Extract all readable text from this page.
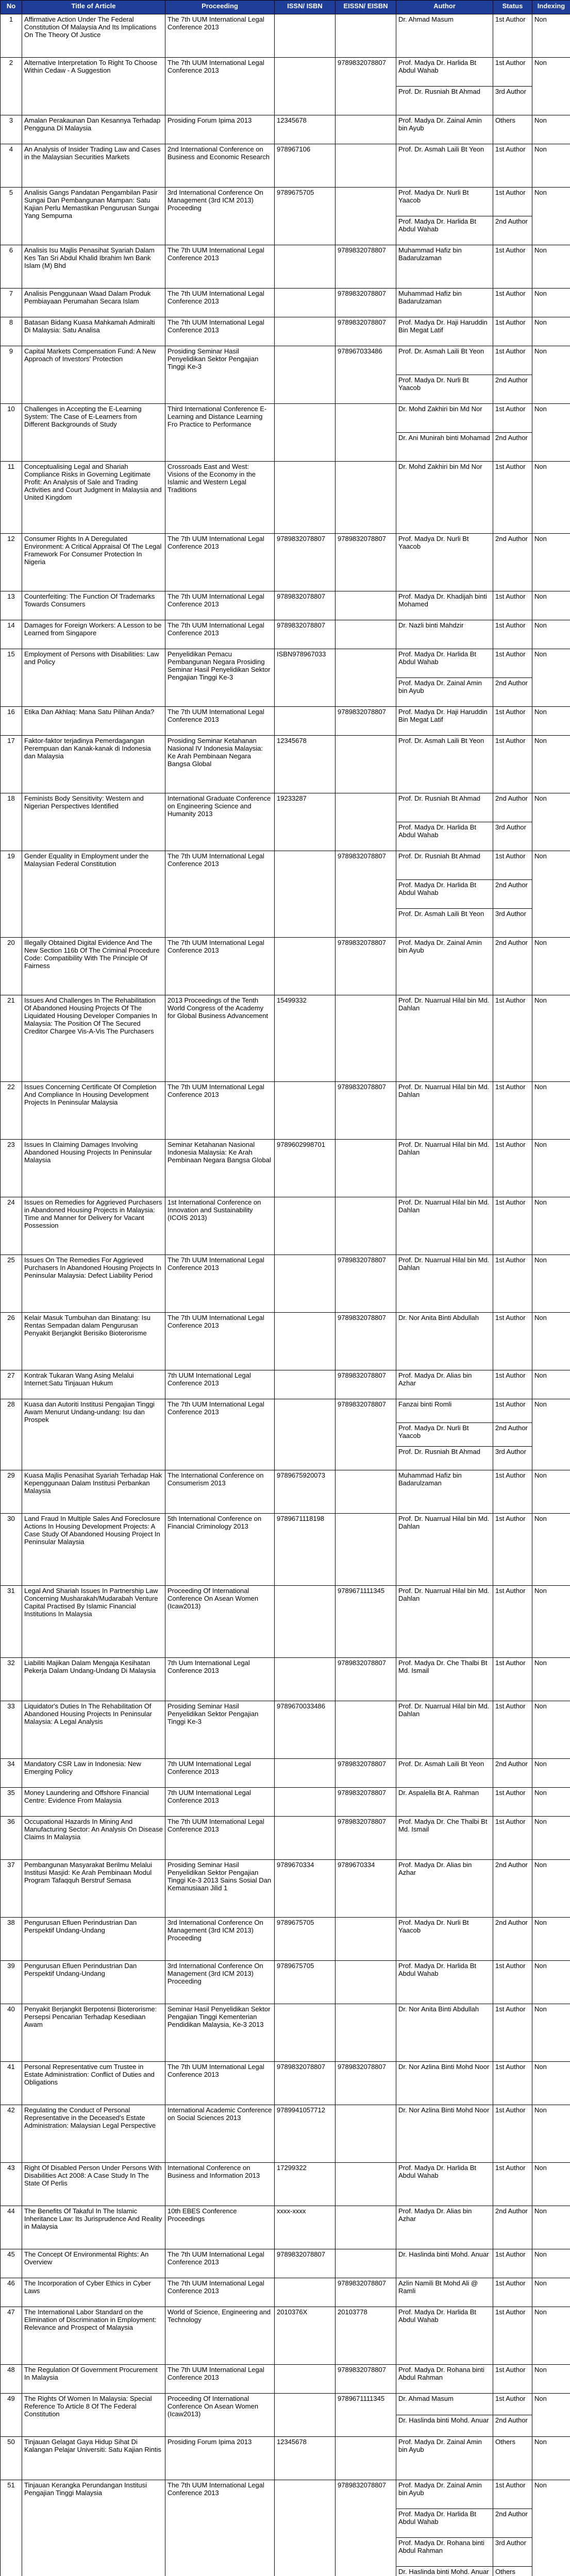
No	Title of Article	Proceeding	ISSN/ ISBN	EISSN/ EISBN	Author	Status	Indexing
1	Affirmative Action Under The Federal Constitution Of Malaysia And Its Implications On The Theory Of Justice	The 7th UUM International Legal Conference 2013			Dr. Ahmad Masum	1st Author	Non
2	Alternative Interpretation To Right To Choose Within Cedaw - A Suggestion	The 7th UUM International Legal Conference 2013		9789832078807	Prof. Madya Dr. Harlida Bt Abdul Wahab	1st Author	Non
					Prof. Dr. Rusniah Bt Ahmad	3rd Author	
3	Amalan Perakaunan Dan Kesannya Terhadap Pengguna Di Malaysia	Prosiding Forum Ipima 2013	12345678		Prof. Madya Dr. Zainal Amin bin Ayub	Others	Non
4	An Analysis of Insider Trading Law and Cases in the Malaysian Securities Markets	2nd International Conference on Business and Economic Research	978967106		Prof. Dr. Asmah Laili Bt Yeon	1st Author	Non
5	Analisis Gangs Pandatan Pengambilan Pasir Sungai Dan Pembangunan Mampan: Satu Kajian Perlu Memastikan Pengurusan Sungai Yang Sempurna	3rd International Conference On Management (3rd ICM 2013) Proceeding	9789675705		Prof. Madya Dr. Nurli Bt Yaacob	1st Author	Non
					Prof. Madya Dr. Harlida Bt Abdul Wahab	2nd Author	
6	Analisis Isu Majlis Penasihat Syariah Dalam Kes Tan Sri Abdul Khalid Ibrahim lwn Bank Islam (M) Bhd	The 7th UUM International Legal Conference 2013		9789832078807	Muhammad Hafiz bin Badarulzaman	1st Author	Non
7	Analisis Penggunaan Waad Dalam Produk Pembiayaan Perumahan Secara Islam	The 7th UUM International Legal Conference 2013		9789832078807	Muhammad Hafiz bin Badarulzaman	1st Author	Non
8	Batasan Bidang Kuasa Mahkamah Admiralti Di Malaysia: Satu Analisa	The 7th UUM International Legal Conference 2013		9789832078807	Prof. Madya Dr. Haji Haruddin Bin Megat Latif	1st Author	Non
9	Capital Markets Compensation Fund: A New Approach of Investors' Protection	Prosiding Seminar Hasil Penyelidikan Sektor Pengajian Tinggi Ke-3		978967033486	Prof. Dr. Asmah Laili Bt Yeon	1st Author	Non
					Prof. Madya Dr. Nurli Bt Yaacob	2nd Author	
10	Challenges in Accepting the E-Learning System: The Case of E-Learners from Different Backgrounds of Study	Third International Conference E-Learning and Distance Learning Fro Practice to Performance			Dr. Mohd Zakhiri bin Md Nor	1st Author	Non
					Dr. Ani Munirah binti Mohamad	2nd Author	
11	Conceptualising Legal and Shariah Compliance Risks in Governing Legitimate Profit: An Analysis of Sale and Trading Activities and Court Judgment in Malaysia and United Kingdom	Crossroads East and West: Visions of the Economy in the Islamic and Western Legal Traditions			Dr. Mohd Zakhiri bin Md Nor	1st Author	Non
12	Consumer Rights In A Deregulated Environment: A Critical Appraisal Of The Legal Framework For Consumer Protection In Nigeria	The 7th UUM International Legal Conference 2013	9789832078807	9789832078807	Prof. Madya Dr. Nurli Bt Yaacob	2nd Author	Non
13	Counterfeiting: The Function Of Trademarks Towards Consumers	The 7th UUM International Legal Conference 2013	9789832078807		Prof. Madya Dr. Khadijah binti Mohamed	1st Author	Non
14	Damages for Foreign Workers: A Lesson to be Learned from Singapore	The 7th UUM International Legal Conference 2013	9789832078807		Dr. Nazli binti Mahdzir	1st Author	Non
15	Employment of Persons with Disabilities: Law and Policy	Penyelidikan Pemacu Pembangunan Negara Prosiding Seminar Hasil Penyelidikan Sektor Pengajian Tinggi Ke-3	ISBN978967033		Prof. Madya Dr. Harlida Bt Abdul Wahab	1st Author	Non
					Prof. Madya Dr. Zainal Amin bin Ayub	2nd Author	
16	Etika Dan Akhlaq: Mana Satu Pilihan Anda?	The 7th UUM International Legal Conference 2013		9789832078807	Prof. Madya Dr. Haji Haruddin Bin Megat Latif	1st Author	Non
17	Faktor-faktor terjadinya Pemerdagangan Perempuan dan Kanak-kanak di Indonesia dan Malaysia	Prosiding Seminar Ketahanan Nasional IV Indonesia Malaysia: Ke Arah Pembinaan Negara Bangsa Global	12345678		Prof. Dr. Asmah Laili Bt Yeon	1st Author	Non
18	Feminists Body Sensitivity: Western and Nigerian Perspectives Identified	International Graduate Conference on Engineering Science and Humanity 2013	19233287		Prof. Dr. Rusniah Bt Ahmad	2nd Author	Non
					Prof. Madya Dr. Harlida Bt Abdul Wahab	3rd Author	
19	Gender Equality in Employment under the Malaysian Federal Constitution	The 7th UUM International Legal Conference 2013		9789832078807	Prof. Dr. Rusniah Bt Ahmad	1st Author	Non
					Prof. Madya Dr. Harlida Bt Abdul Wahab	2nd Author	
					Prof. Dr. Asmah Laili Bt Yeon	3rd Author	
20	Illegally Obtained Digital Evidence And The New Section 116b Of The Criminal Procedure Code: Compatibility With The Principle Of Fairness	The 7th UUM International Legal Conference 2013		9789832078807	Prof. Madya Dr. Zainal Amin bin Ayub	2nd Author	Non
21	Issues And Challenges In The Rehabilitation Of Abandoned Housing Projects Of The Liquidated Housing Developer Companies In Malaysia: The Position Of The Secured Creditor Chargee Vis-A-Vis The Purchasers	2013 Proceedings of the Tenth World Congress of the Academy for Global Business Advancement	15499332		Prof. Dr. Nuarrual Hilal bin Md. Dahlan	1st Author	Non
22	Issues Concerning Certificate Of Completion And Compliance In Housing Development Projects In Peninsular Malaysia	The 7th UUM International Legal Conference 2013		9789832078807	Prof. Dr. Nuarrual Hilal bin Md. Dahlan	1st Author	Non
23	Issues In Claiming Damages Involving Abandoned Housing Projects In Peninsular Malaysia	Seminar Ketahanan Nasional Indonesia Malaysia: Ke Arah Pembinaan Negara Bangsa Global	9789602998701		Prof. Dr. Nuarrual Hilal bin Md. Dahlan	1st Author	Non
24	Issues on Remedies for Aggrieved Purchasers in Abandoned Housing Projects in Malaysia: Time and Manner for Delivery for Vacant Possession	1st International Conference on Innovation and Sustainability (ICOIS 2013)			Prof. Dr. Nuarrual Hilal bin Md. Dahlan	1st Author	Non
25	Issues On The Remedies For Aggrieved Purchasers In Abandoned Housing Projects In Peninsular Malaysia: Defect Liability Period	The 7th UUM International Legal Conference 2013		9789832078807	Prof. Dr. Nuarrual Hilal bin Md. Dahlan	1st Author	Non
26	Kelair Masuk Tumbuhan dan Binatang: Isu Rentas Sempadan dalam Pengurusan Penyakit Berjangkit Berisiko Bioterorisme	The 7th UUM International Legal Conference 2013		9789832078807	Dr. Nor Anita Binti Abdullah	1st Author	Non
27	Kontrak Tukaran Wang Asing Melalui Internet:Satu Tinjauan Hukum	7th UUM International Legal Conference 2013		9789832078807	Prof. Madya Dr. Alias bin Azhar	1st Author	Non
28	Kuasa dan Autoriti Institusi Pengajian Tinggi Awam Menurut Undang-undang: Isu dan Prospek	The 7th UUM International Legal Conference 2013		9789832078807	Fanzai binti Romli	1st Author	Non
					Prof. Madya Dr. Nurli Bt Yaacob	2nd Author	
					Prof. Dr. Rusniah Bt Ahmad	3rd Author	
29	Kuasa Majlis Penasihat Syariah Terhadap Hak Kepenggunaan Dalam Institusi Perbankan Malaysia	The International Conference on Consumerism 2013	9789675920073		Muhammad Hafiz bin Badarulzaman	1st Author	Non
30	Land Fraud In Multiple Sales And Foreclosure Actions In Housing Development Projects: A Case Study Of Abandoned Housing Project In Peninsular Malaysia	5th International Conference on Financial Criminology 2013	9789671118198		Prof. Dr. Nuarrual Hilal bin Md. Dahlan	1st Author	Non
31	Legal And Shariah Issues In Partnership Law Concerning Musharakah/Mudarabah Venture Capital Practised By Islamic Financial Institutions In Malaysia	Proceeding Of International Conference On Asean Women (Icaw2013)		9789671111345	Prof. Dr. Nuarrual Hilal bin Md. Dahlan	1st Author	Non
32	Liabiliti Majikan Dalam Mengaja Kesihatan Pekerja Dalam Undang-Undang Di Malaysia	7th Uum International Legal Conference 2013		9789832078807	Prof. Madya Dr. Che Thalbi Bt Md. Ismail	1st Author	Non
33	Liquidator's Duties In The Rehabilitation Of Abandoned Housing Projects In Peninsular Malaysia: A Legal Analysis	Prosiding Seminar Hasil Penyelidikan Sektor Pengajian Tinggi Ke-3	9789670033486		Prof. Dr. Nuarrual Hilal bin Md. Dahlan	1st Author	Non
34	Mandatory CSR Law in Indonesia: New Emerging Policy	7th UUM International Legal Conference 2013		9789832078807	Prof. Dr. Asmah Laili Bt Yeon	2nd Author	Non
35	Money Laundering and Offshore Financial Centre: Evidence From Malaysia	7th UUM International Legal Conference 2013		9789832078807	Dr. Aspalella Bt A. Rahman	1st Author	Non
36	Occupational Hazards In Mining And Manufacturing Sector: An Analysis On Disease Claims In Malaysia	The 7th UUM International Legal Conference 2013		9789832078807	Prof. Madya Dr. Che Thalbi Bt Md. Ismail	1st Author	Non
37	Pembangunan Masyarakat Berilmu Melalui Institusi Masjid: Ke Arah Pembinaan Modul Program Tafaqquh Berstruf Semasa	Prosiding Seminar Hasil Penyelidikan Sektor Pengajian Tinggi Ke-3 2013 Sains Sosial Dan Kemanusiaan Jilid 1	9789670334	9789670334	Prof. Madya Dr. Alias bin Azhar	2nd Author	Non
38	Pengurusan Efluen Perindustrian Dan Perspektif Undang-Undang	3rd International Conference On Management (3rd ICM 2013) Proceeding	9789675705		Prof. Madya Dr. Nurli Bt Yaacob	2nd Author	Non
39	Pengurusan Efluen Perindustrian Dan Perspektif Undang-Undang	3rd International Conference On Management (3rd ICM 2013) Proceeding	9789675705		Prof. Madya Dr. Harlida Bt Abdul Wahab	1st Author	Non
40	Penyakit Berjangkit Berpotensi Bioterorisme: Persepsi Pencarian Terhadap Kesediaan Awam	Seminar Hasil Penyelidikan Sektor Pengajian Tinggi Kementerian Pendidikan Malaysia, Ke-3 2013			Dr. Nor Anita Binti Abdullah	1st Author	Non
41	Personal Representative cum Trustee in Estate Administration: Conflict of Duties and Obligations	The 7th UUM International Legal Conference 2013	9789832078807	9789832078807	Dr. Nor Azlina Binti Mohd Noor	1st Author	Non
42	Regulating the Conduct of Personal Representative in the Deceased's Estate Administration: Malaysian Legal Perspective	International Academic Conference on Social Sciences 2013	9789941057712		Dr. Nor Azlina Binti Mohd Noor	1st Author	Non
43	Right Of Disabled Person Under Persons With Disabilities Act 2008: A Case Study In The State Of Perlis	International Conference on Business and Information 2013	17299322		Prof. Madya Dr. Harlida Bt Abdul Wahab	1st Author	Non
44	The Benefits Of Takaful In The Islamic Inheritance Law: Its Jurisprudence And Reality in Malaysia	10th EBES Conference Proceedings	xxxx-xxxx		Prof. Madya Dr. Alias bin Azhar	2nd Author	Non
45	The Concept Of Environmental Rights: An Overview	The 7th UUM International Legal Conference 2013	9789832078807		Dr. Haslinda binti Mohd. Anuar	1st Author	Non
46	The Incorporation of Cyber Ethics in Cyber Laws	The 7th UUM International Legal Conference 2013		9789832078807	Azlin Namili Bt Mohd Ali @ Ramli	1st Author	Non
47	The International Labor Standard on the Elimination of Discrimination in Employment: Relevance and Prospect of Malaysia	World of Science, Engineering and Technology	2010376X	20103778	Prof. Madya Dr. Harlida Bt Abdul Wahab	1st Author	Non
48	The Regulation Of Government Procurement In Malaysia	The 7th UUM International Legal Conference 2013		9789832078807	Prof. Madya Dr. Rohana binti Abdul Rahman	1st Author	Non
49	The Rights Of Women In Malaysia: Special Reference To Article 8 Of The Federal Constitution	Proceeding Of International Conference On Asean Women (Icaw2013)		9789671111345	Dr. Ahmad Masum	1st Author	Non
					Dr. Haslinda binti Mohd. Anuar	2nd Author	
50	Tinjauan Gelagat Gaya Hidup Sihat Di Kalangan Pelajar Universiti: Satu Kajian Rintis	Prosiding Forum Ipima 2013	12345678		Prof. Madya Dr. Zainal Amin bin Ayub	Others	Non
51	Tinjauan Kerangka Perundangan Institusi Pengajian Tinggi Malaysia	The 7th UUM International Legal Conference 2013		9789832078807	Prof. Madya Dr. Zainal Amin bin Ayub	1st Author	Non
					Prof. Madya Dr. Harlida Bt Abdul Wahab	2nd Author	
					Prof. Madya Dr. Rohana binti Abdul Rahman	3rd Author	
					Dr. Haslinda binti Mohd. Anuar	Others	
